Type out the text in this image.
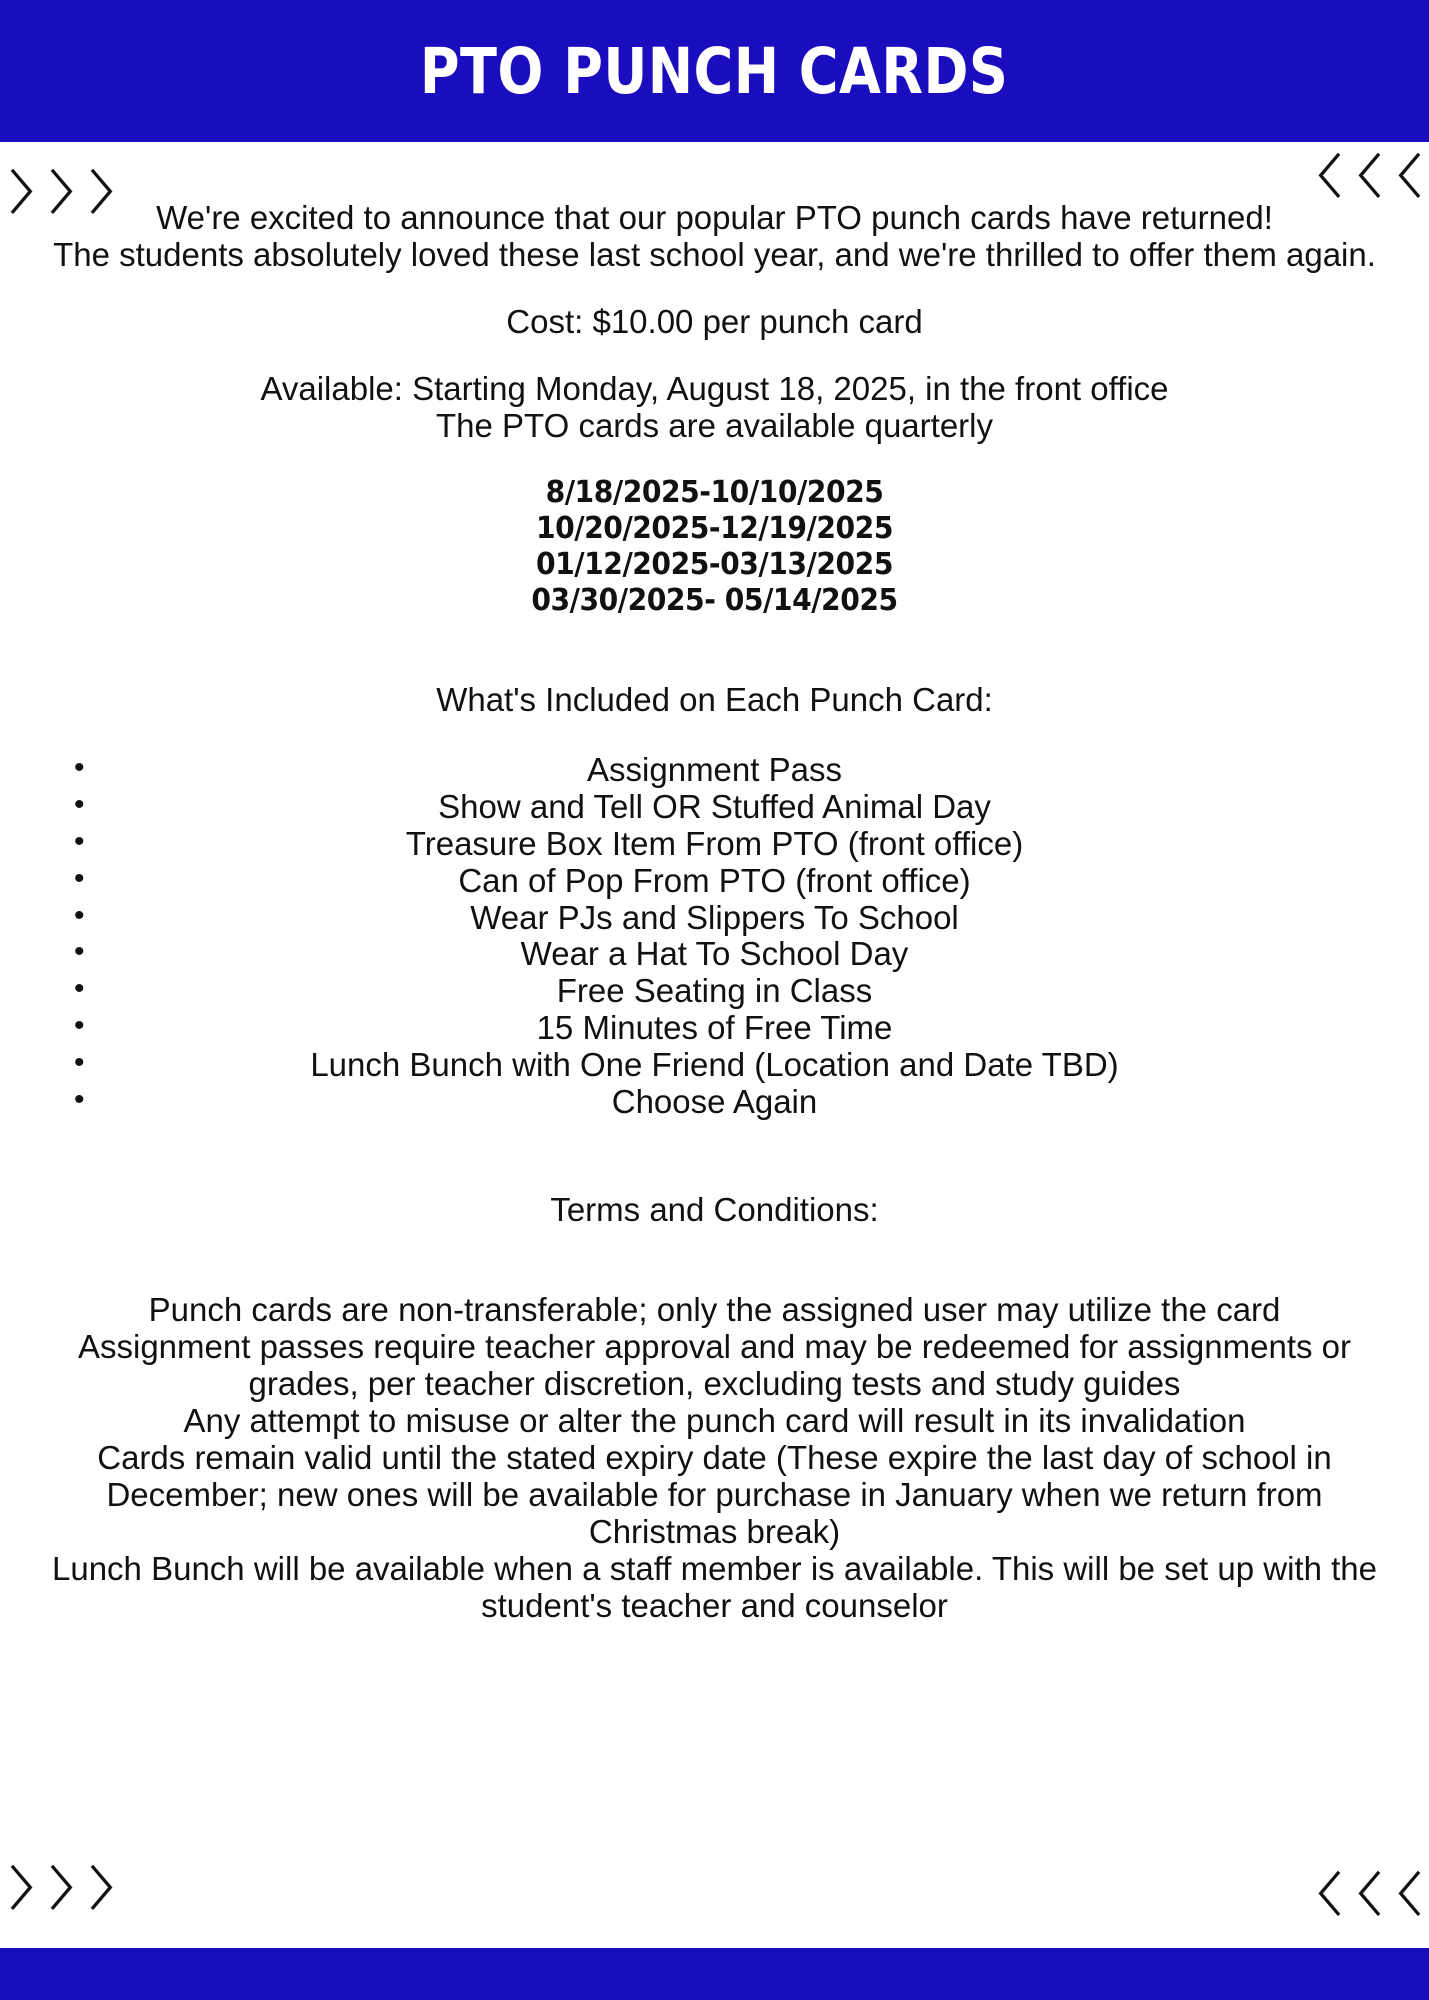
PTO PUNCH CARDS
〉〉〉	〈〈〈
〉〉〉	〈〈〈

We're excited to announce that our popular PTO punch cards have returned!

The students absolutely loved these last school year, and we're thrilled to offer them again.

Cost: $10.00 per punch card

Available: Starting Monday, August 18, 2025, in the front office

The PTO cards are available quarterly

8/18/2025-10/10/2025
10/20/2025-12/19/2025
01/12/2025-03/13/2025
03/30/2025- 05/14/2025

What's Included on Each Punch Card:

• Assignment Pass
• Show and Tell OR Stuffed Animal Day
• Treasure Box Item From PTO (front office)
• Can of Pop From PTO (front office)
• Wear PJs and Slippers To School
• Wear a Hat To School Day
• Free Seating in Class
• 15 Minutes of Free Time
• Lunch Bunch with One Friend (Location and Date TBD)
• Choose Again

Terms and Conditions:

Punch cards are non-transferable; only the assigned user may utilize the card

Assignment passes require teacher approval and may be redeemed for assignments or grades, per teacher discretion, excluding tests and study guides

Any attempt to misuse or alter the punch card will result in its invalidation

Cards remain valid until the stated expiry date (These expire the last day of school in December; new ones will be available for purchase in January when we return from Christmas break)

Lunch Bunch will be available when a staff member is available. This will be set up with the student's teacher and counselor
